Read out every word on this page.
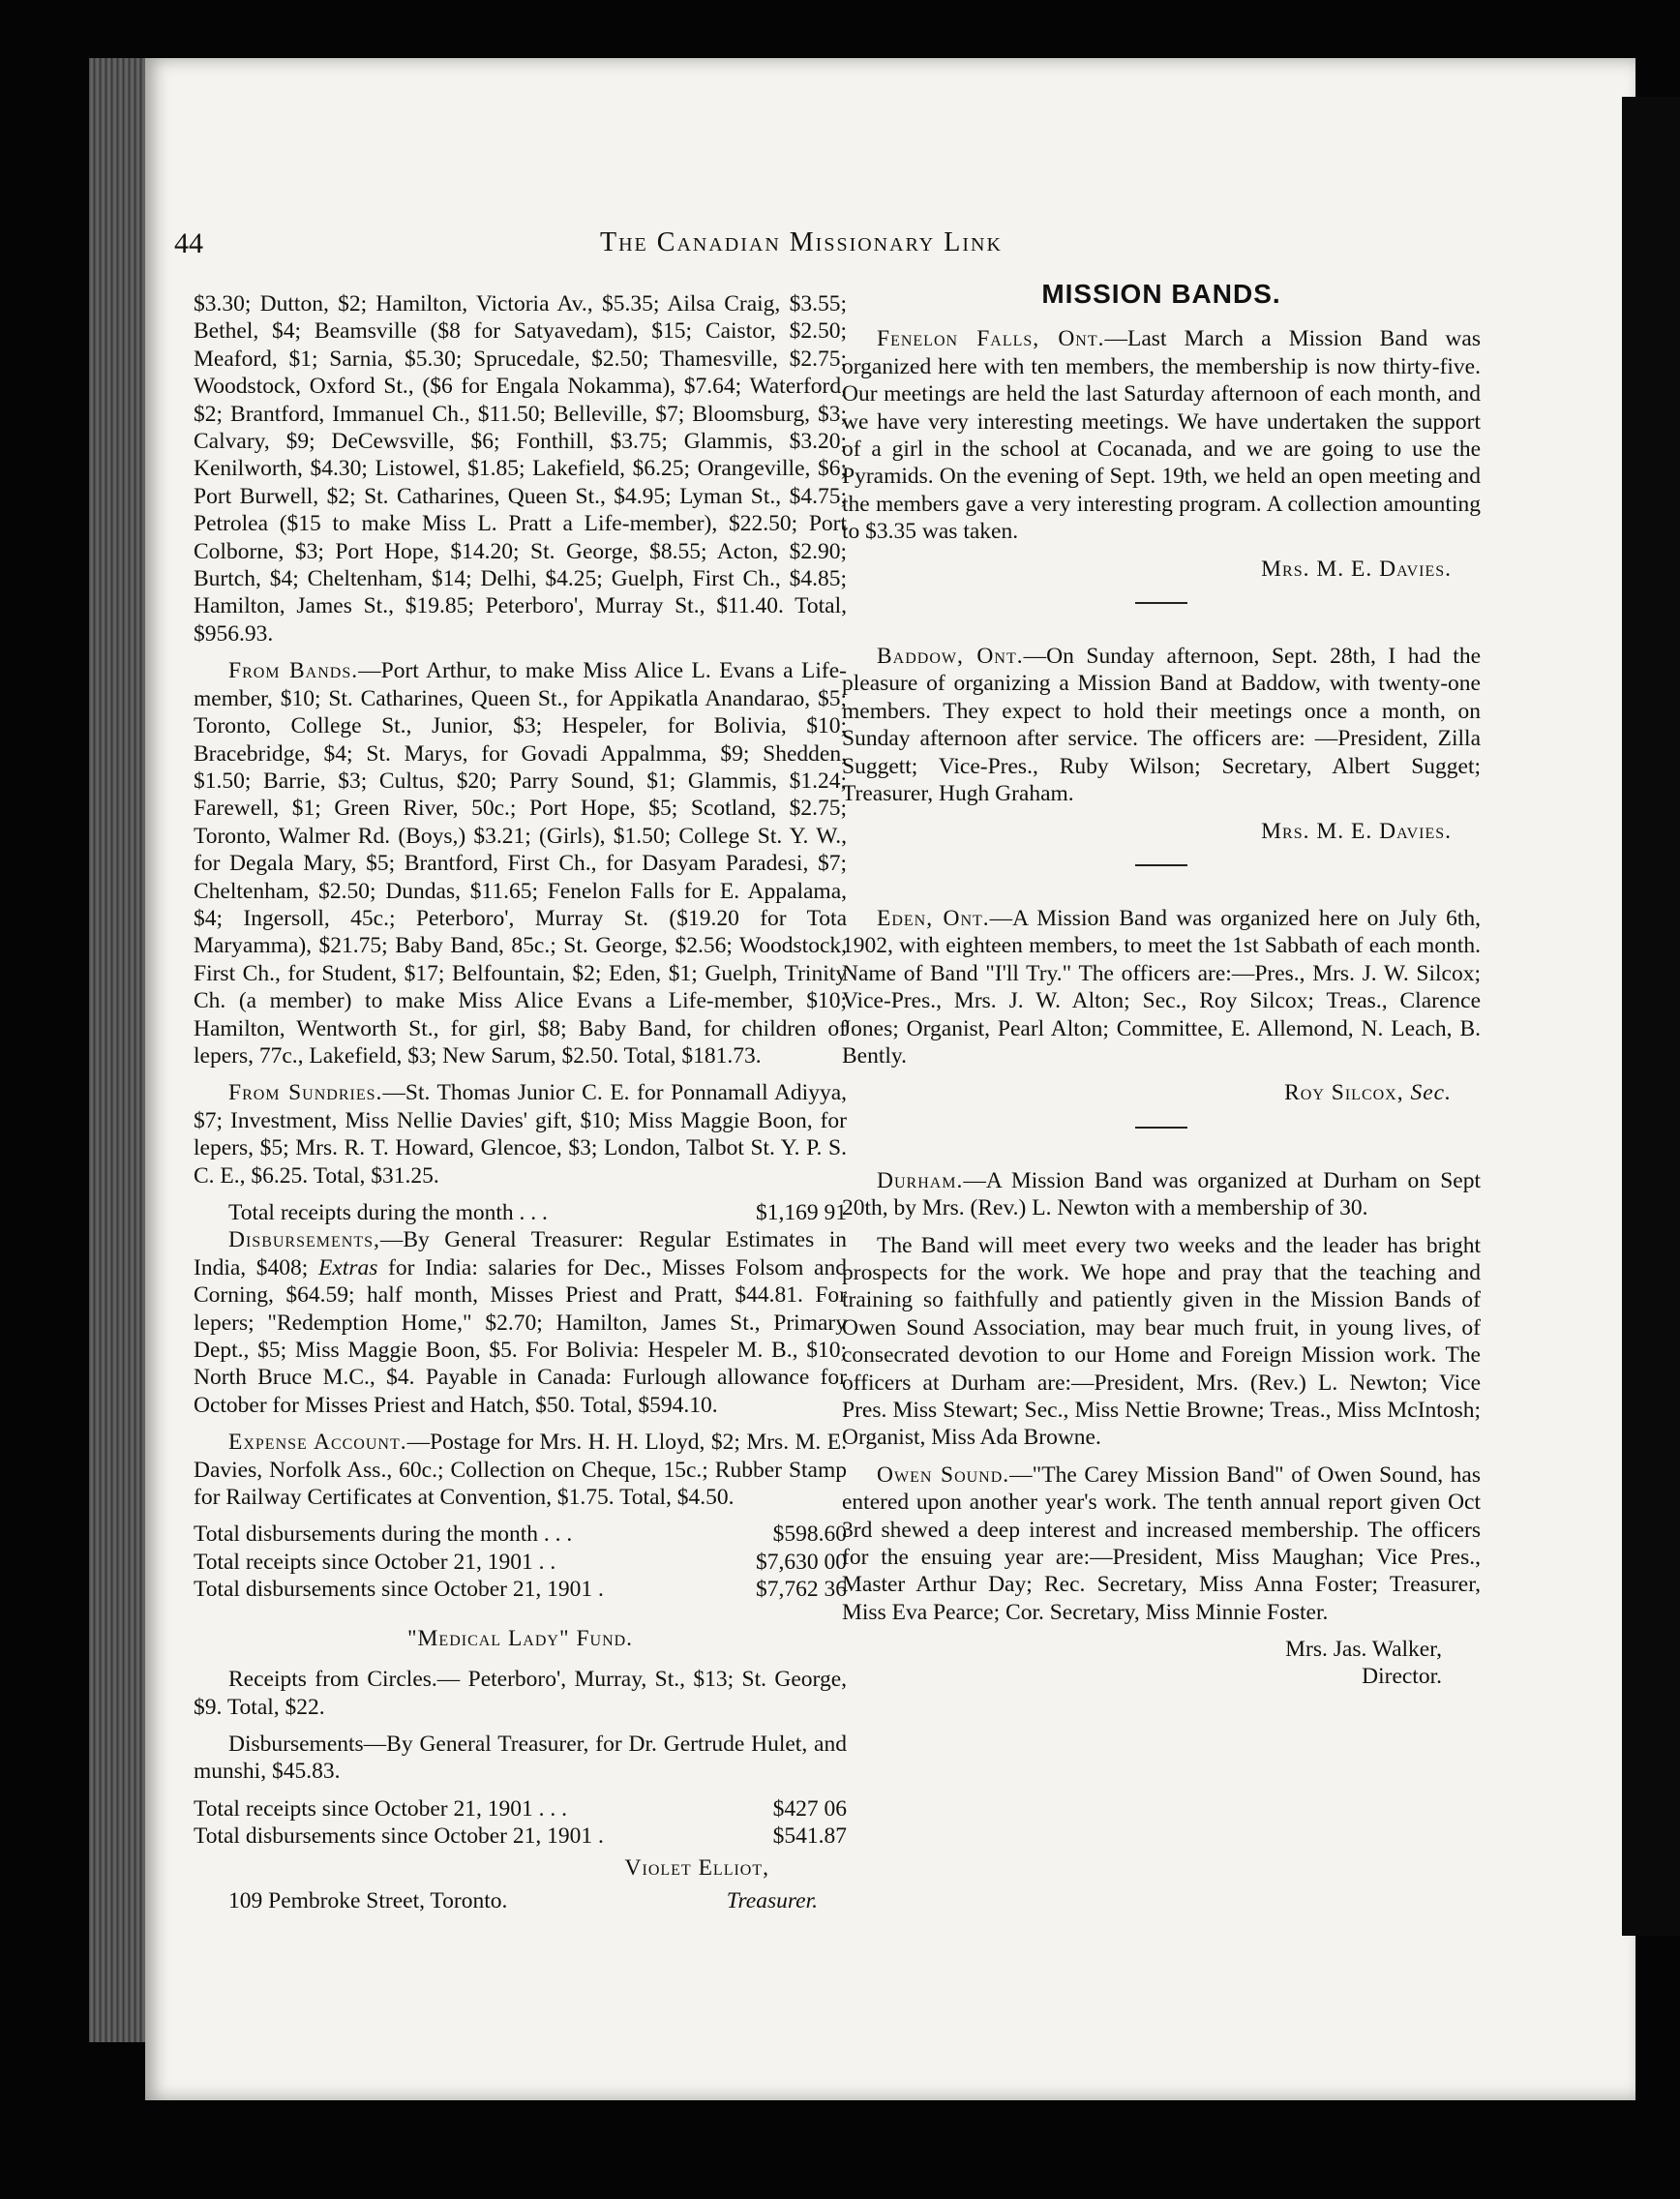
44	The Canadian Missionary Link

$3.30; Dutton, $2; Hamilton, Victoria Av., $5.35; Ailsa Craig, $3.55; Bethel, $4; Beamsville ($8 for Satyavedam), $15; Caistor, $2.50; Meaford, $1; Sarnia, $5.30; Sprucedale, $2.50; Thamesville, $2.75; Woodstock, Oxford St., ($6 for Engala Nokamma), $7.64; Waterford, $2; Brantford, Immanuel Ch., $11.50; Belleville, $7; Bloomsburg, $3; Calvary, $9; DeCewsville, $6; Fonthill, $3.75; Glammis, $3.20; Kenilworth, $4.30; Listowel, $1.85; Lakefield, $6.25; Orangeville, $6; Port Burwell, $2; St. Catharines, Queen St., $4.95; Lyman St., $4.75; Petrolea ($15 to make Miss L. Pratt a Life-member), $22.50; Port Colborne, $3; Port Hope, $14.20; St. George, $8.55; Acton, $2.90; Burtch, $4; Cheltenham, $14; Delhi, $4.25; Guelph, First Ch., $4.85; Hamilton, James St., $19.85; Peterboro', Murray St., $11.40. Total, $956.93.

From Bands.—Port Arthur, to make Miss Alice L. Evans a Life-member, $10; St. Catharines, Queen St., for Appikatla Anandarao, $5; Toronto, College St., Junior, $3; Hespeler, for Bolivia, $10; Bracebridge, $4; St. Marys, for Govadi Appalmma, $9; Shedden, $1.50; Barrie, $3; Cultus, $20; Parry Sound, $1; Glammis, $1.24; Farewell, $1; Green River, 50c.; Port Hope, $5; Scotland, $2.75; Toronto, Walmer Rd. (Boys,) $3.21; (Girls), $1.50; College St. Y. W., for Degala Mary, $5; Brantford, First Ch., for Dasyam Paradesi, $7; Cheltenham, $2.50; Dundas, $11.65; Fenelon Falls for E. Appalama, $4; Ingersoll, 45c.; Peterboro', Murray St. ($19.20 for Tota Maryamma), $21.75; Baby Band, 85c.; St. George, $2.56; Woodstock, First Ch., for Student, $17; Belfountain, $2; Eden, $1; Guelph, Trinity Ch. (a member) to make Miss Alice Evans a Life-member, $10; Hamilton, Wentworth St., for girl, $8; Baby Band, for children of lepers, 77c., Lakefield, $3; New Sarum, $2.50. Total, $181.73.

From Sundries.—St. Thomas Junior C. E. for Ponnamall Adiyya, $7; Investment, Miss Nellie Davies' gift, $10; Miss Maggie Boon, for lepers, $5; Mrs. R. T. Howard, Glencoe, $3; London, Talbot St. Y. P. S. C. E., $6.25. Total, $31.25.

Total receipts during the month . . .	$1,169 91

Disbursements,—By General Treasurer: Regular Estimates in India, $408; Extras for India: salaries for Dec., Misses Folsom and Corning, $64.59; half month, Misses Priest and Pratt, $44.81. For lepers; "Redemption Home," $2.70; Hamilton, James St., Primary Dept., $5; Miss Maggie Boon, $5. For Bolivia: Hespeler M. B., $10; North Bruce M.C., $4. Payable in Canada: Furlough allowance for October for Misses Priest and Hatch, $50. Total, $594.10.

Expense Account.—Postage for Mrs. H. H. Lloyd, $2; Mrs. M. E. Davies, Norfolk Ass., 60c.; Collection on Cheque, 15c.; Rubber Stamp for Railway Certificates at Convention, $1.75. Total, $4.50.

Total disbursements during the month . . .	$598.60
Total receipts since October 21, 1901 . .	$7,630 00
Total disbursements since October 21, 1901 .	$7,762 36
"Medical Lady" Fund.

Receipts from Circles.— Peterboro', Murray, St., $13; St. George, $9. Total, $22.

Disbursements—By General Treasurer, for Dr. Gertrude Hulet, and munshi, $45.83.

Total receipts since October 21, 1901 . . .	$427 06
Total disbursements since October 21, 1901 .	$541.87
Violet Elliot,
109 Pembroke Street, Toronto.	Treasurer.
MISSION BANDS.

Fenelon Falls, Ont.—Last March a Mission Band was organized here with ten members, the membership is now thirty-five. Our meetings are held the last Saturday afternoon of each month, and we have very interesting meetings. We have undertaken the support of a girl in the school at Cocanada, and we are going to use the Pyramids. On the evening of Sept. 19th, we held an open meeting and the members gave a very interesting program. A collection amounting to $3.35 was taken.

Mrs. M. E. Davies.

Baddow, Ont.—On Sunday afternoon, Sept. 28th, I had the pleasure of organizing a Mission Band at Baddow, with twenty-one members. They expect to hold their meetings once a month, on Sunday afternoon after service. The officers are: —President, Zilla Suggett; Vice-Pres., Ruby Wilson; Secretary, Albert Sugget; Treasurer, Hugh Graham.

Mrs. M. E. Davies.

Eden, Ont.—A Mission Band was organized here on July 6th, 1902, with eighteen members, to meet the 1st Sabbath of each month. Name of Band "I'll Try." The officers are:—Pres., Mrs. J. W. Silcox; Vice-Pres., Mrs. J. W. Alton; Sec., Roy Silcox; Treas., Clarence Jones; Organist, Pearl Alton; Committee, E. Allemond, N. Leach, B. Bently.

Roy Silcox, Sec.

Durham.—A Mission Band was organized at Durham on Sept 20th, by Mrs. (Rev.) L. Newton with a membership of 30.

The Band will meet every two weeks and the leader has bright prospects for the work. We hope and pray that the teaching and training so faithfully and patiently given in the Mission Bands of Owen Sound Association, may bear much fruit, in young lives, of consecrated devotion to our Home and Foreign Mission work. The officers at Durham are:—President, Mrs. (Rev.) L. Newton; Vice Pres. Miss Stewart; Sec., Miss Nettie Browne; Treas., Miss McIntosh; Organist, Miss Ada Browne.

Owen Sound.—"The Carey Mission Band" of Owen Sound, has entered upon another year's work. The tenth annual report given Oct 3rd shewed a deep interest and increased membership. The officers for the ensuing year are:—President, Miss Maughan; Vice Pres., Master Arthur Day; Rec. Secretary, Miss Anna Foster; Treasurer, Miss Eva Pearce; Cor. Secretary, Miss Minnie Foster.

Mrs. Jas. Walker,
Director.
